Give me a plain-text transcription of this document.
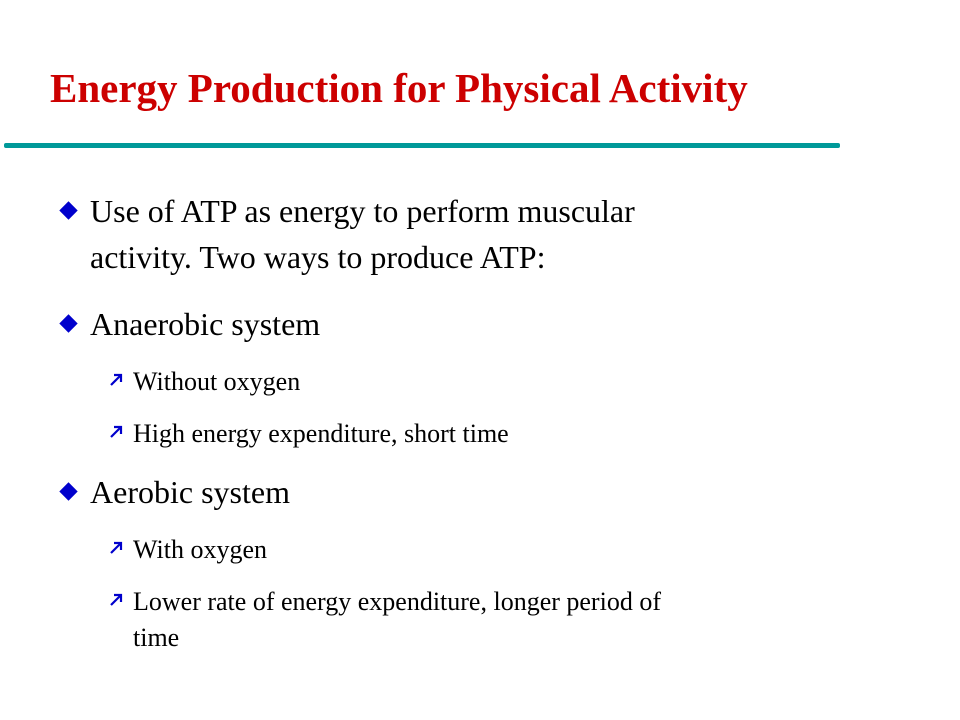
Energy Production for Physical Activity

Use of ATP as energy to perform muscular
activity. Two ways to produce ATP:

Anaerobic system

Without oxygen

High energy expenditure, short time

Aerobic system

With oxygen

Lower rate of energy expenditure, longer period of
time
